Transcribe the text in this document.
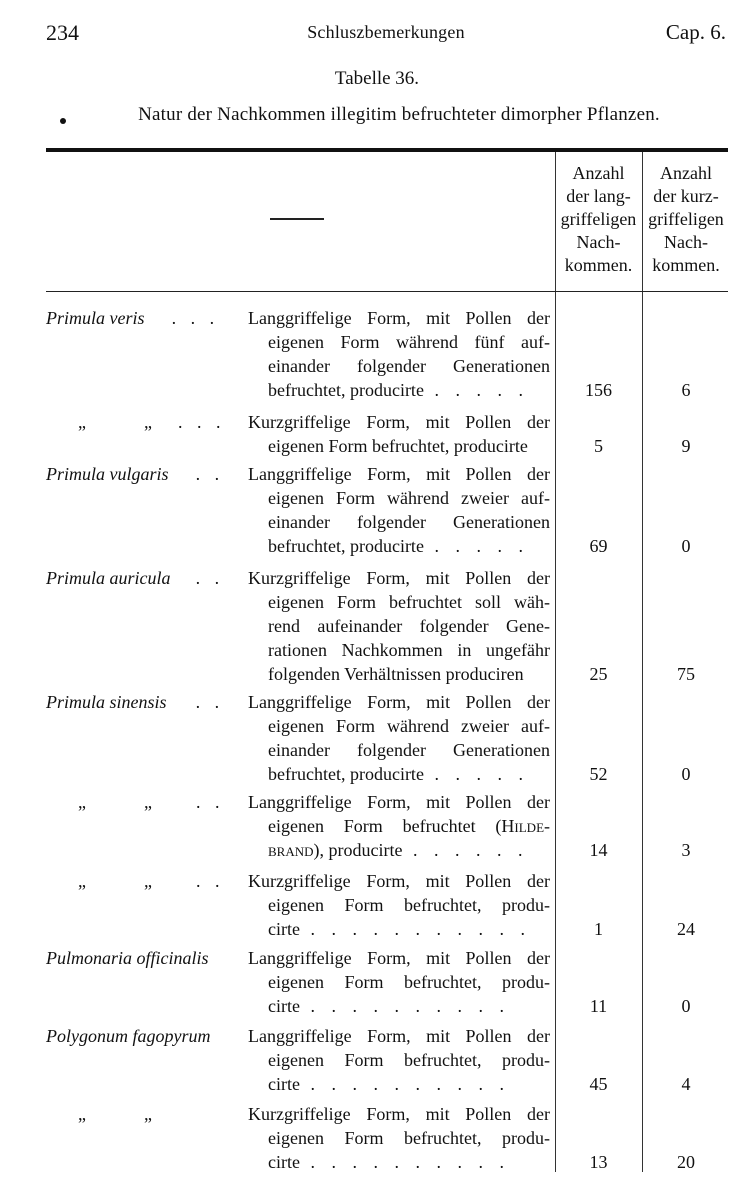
234	Schluszbemerkungen	Cap. 6.
Tabelle 36.
Natur der Nachkommen illegitim befruchteter dimorpher Pflanzen.
Anzahl
der lang-
griffeligen
Nach-
kommen.
Anzahl
der kurz-
griffeligen
Nach-
kommen.
Primula veris	. . . Langgriffelige Form, mit Pollen der
eigenen Form während fünf auf-
einander folgender Generationen
befruchtet, producirte . . . . .	156	6
„	„ . . . Kurzgriffelige Form, mit Pollen der
eigenen Form befruchtet, producirte	5	9
Primula vulgaris	. . Langgriffelige Form, mit Pollen der
eigenen Form während zweier auf-
einander folgender Generationen
befruchtet, producirte . . . . .	69	0
Primula auricula	. . Kurzgriffelige Form, mit Pollen der
eigenen Form befruchtet soll wäh-
rend aufeinander folgender Gene-
rationen Nachkommen in ungefähr
folgenden Verhältnissen produciren	25	75
Primula sinensis	. . Langgriffelige Form, mit Pollen der
eigenen Form während zweier auf-
einander folgender Generationen
befruchtet, producirte . . . . .	52	0
„	„ . . Langgriffelige Form, mit Pollen der
eigenen Form befruchtet (Hilde-
brand), producirte . . . . . .	14	3
„	„ . . Kurzgriffelige Form, mit Pollen der
eigenen Form befruchtet, produ-
cirte . . . . . . . . . . .	1	24
Pulmonaria officinalis	Langgriffelige Form, mit Pollen der
eigenen Form befruchtet, produ-
cirte . . . . . . . . . .	11	0
Polygonum fagopyrum	Langgriffelige Form, mit Pollen der
eigenen Form befruchtet, produ-
cirte . . . . . . . . . .	45	4
„	„	Kurzgriffelige Form, mit Pollen der
eigenen Form befruchtet, produ-
cirte . . . . . . . . . .	13	20
